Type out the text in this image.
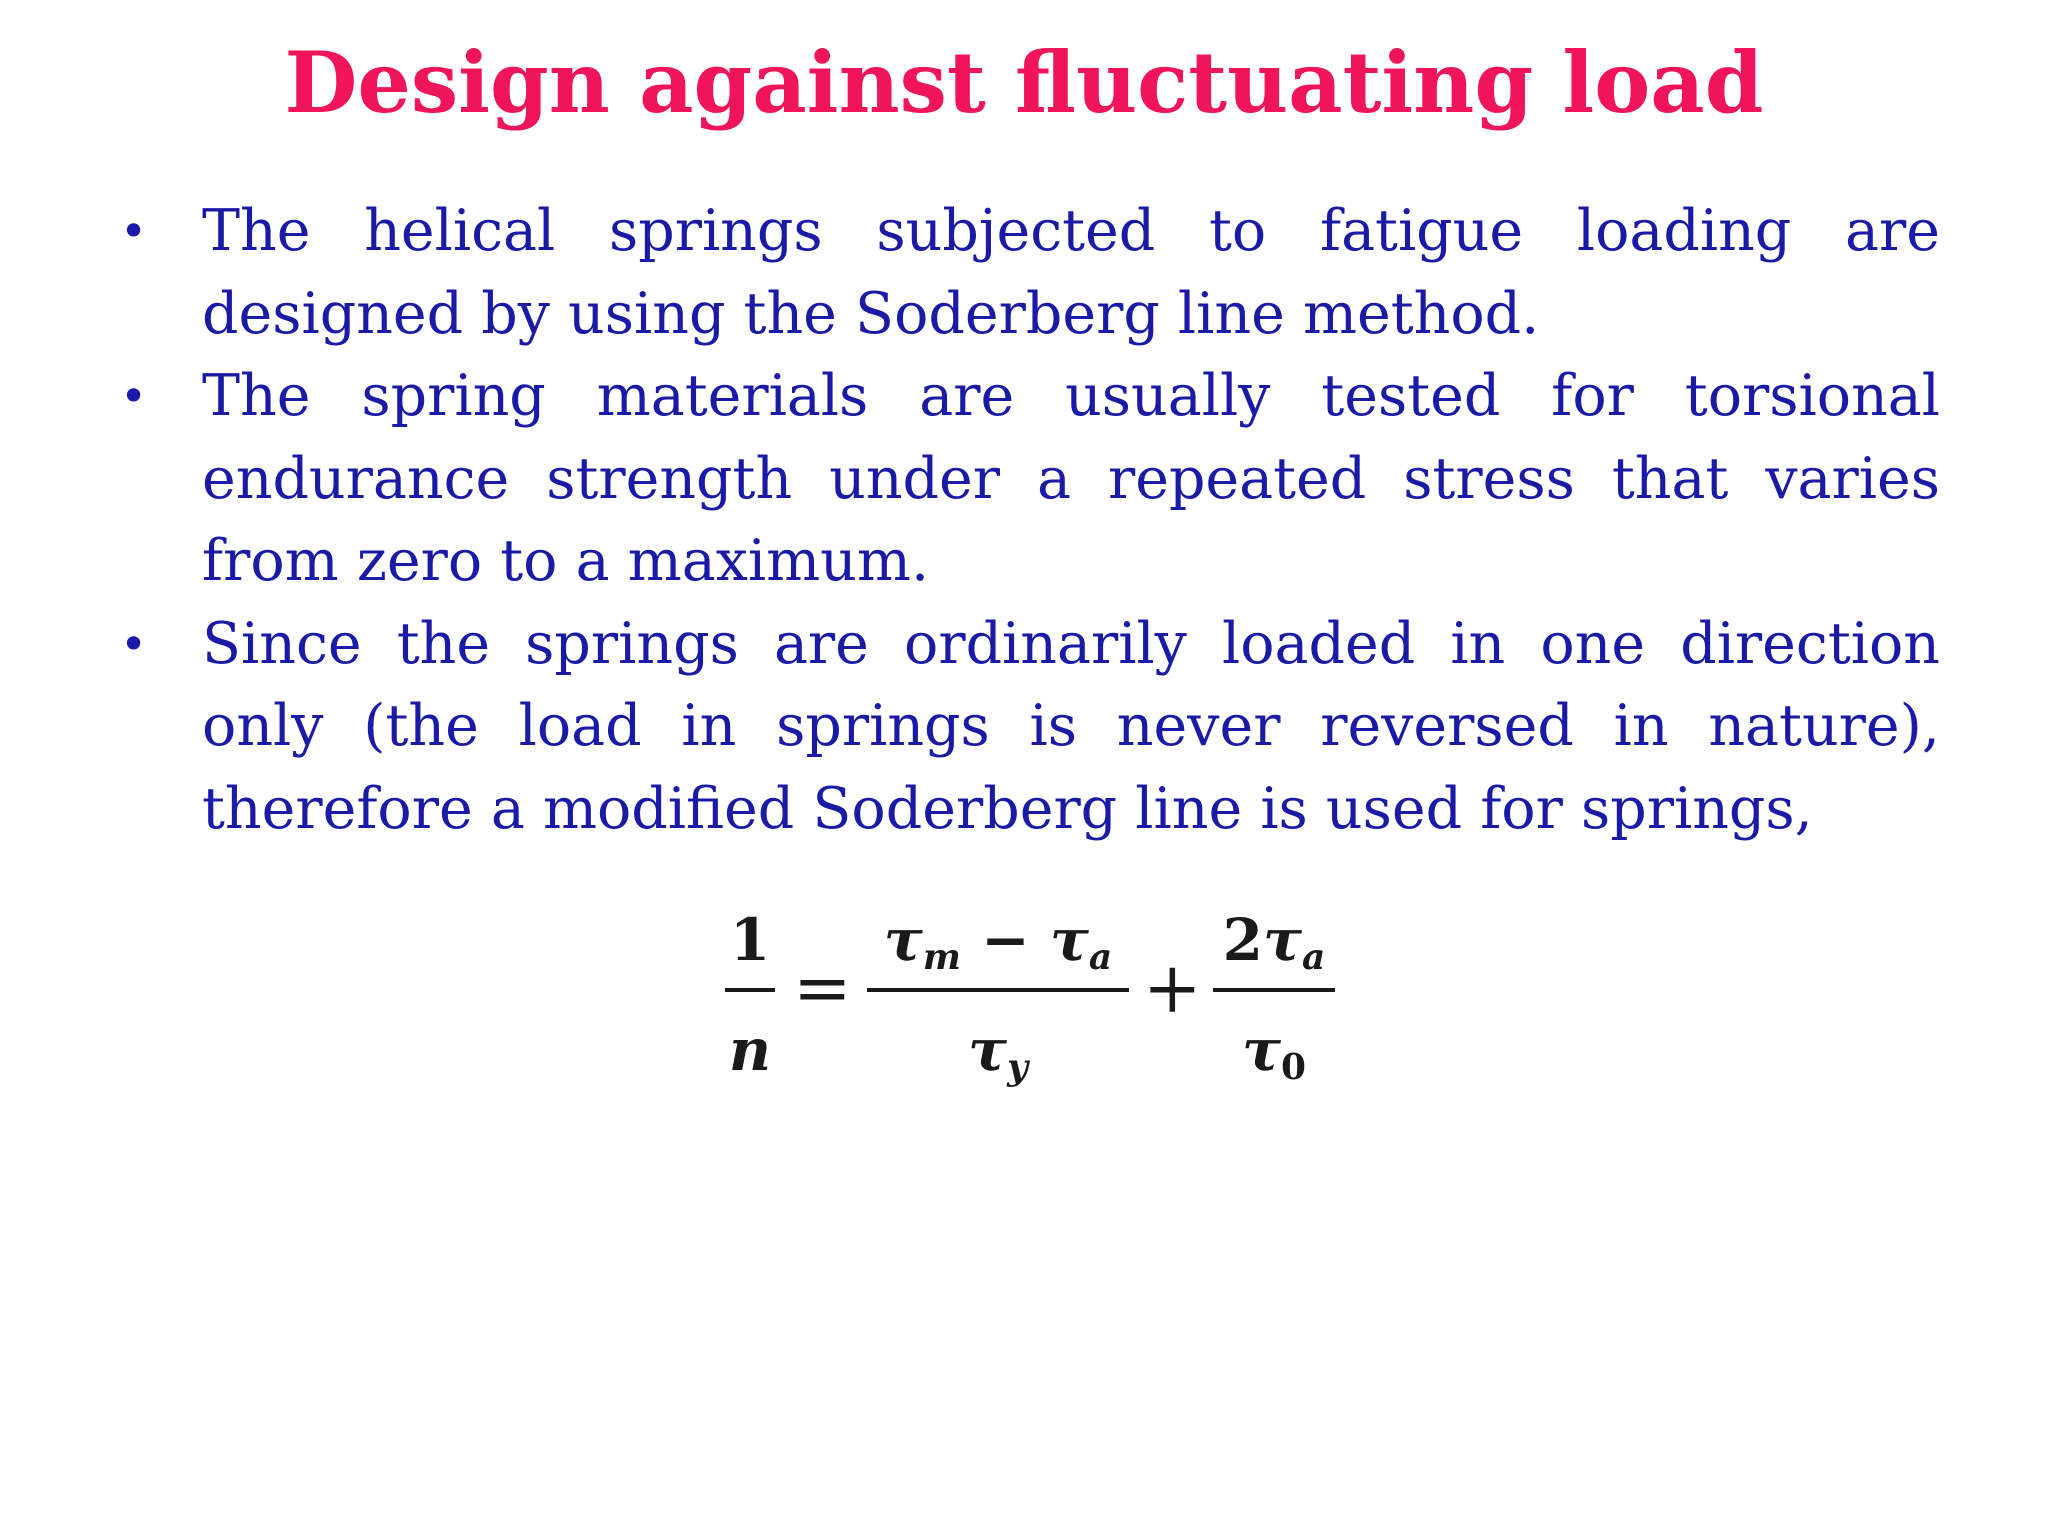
Design against fluctuating load
• The helical springs subjected to fatigue loading are designed by using the Soderberg line method.
• The spring materials are usually tested for torsional endurance strength under a repeated stress that varies from zero to a maximum.
• Since the springs are ordinarily loaded in one direction only (the load in springs is never reversed in nature), therefore a modified Soderberg line is used for springs,
1
n
=
$\tau_m - \tau_a$
$\tau_y$
+
$2\tau_a$
$\tau_0$
